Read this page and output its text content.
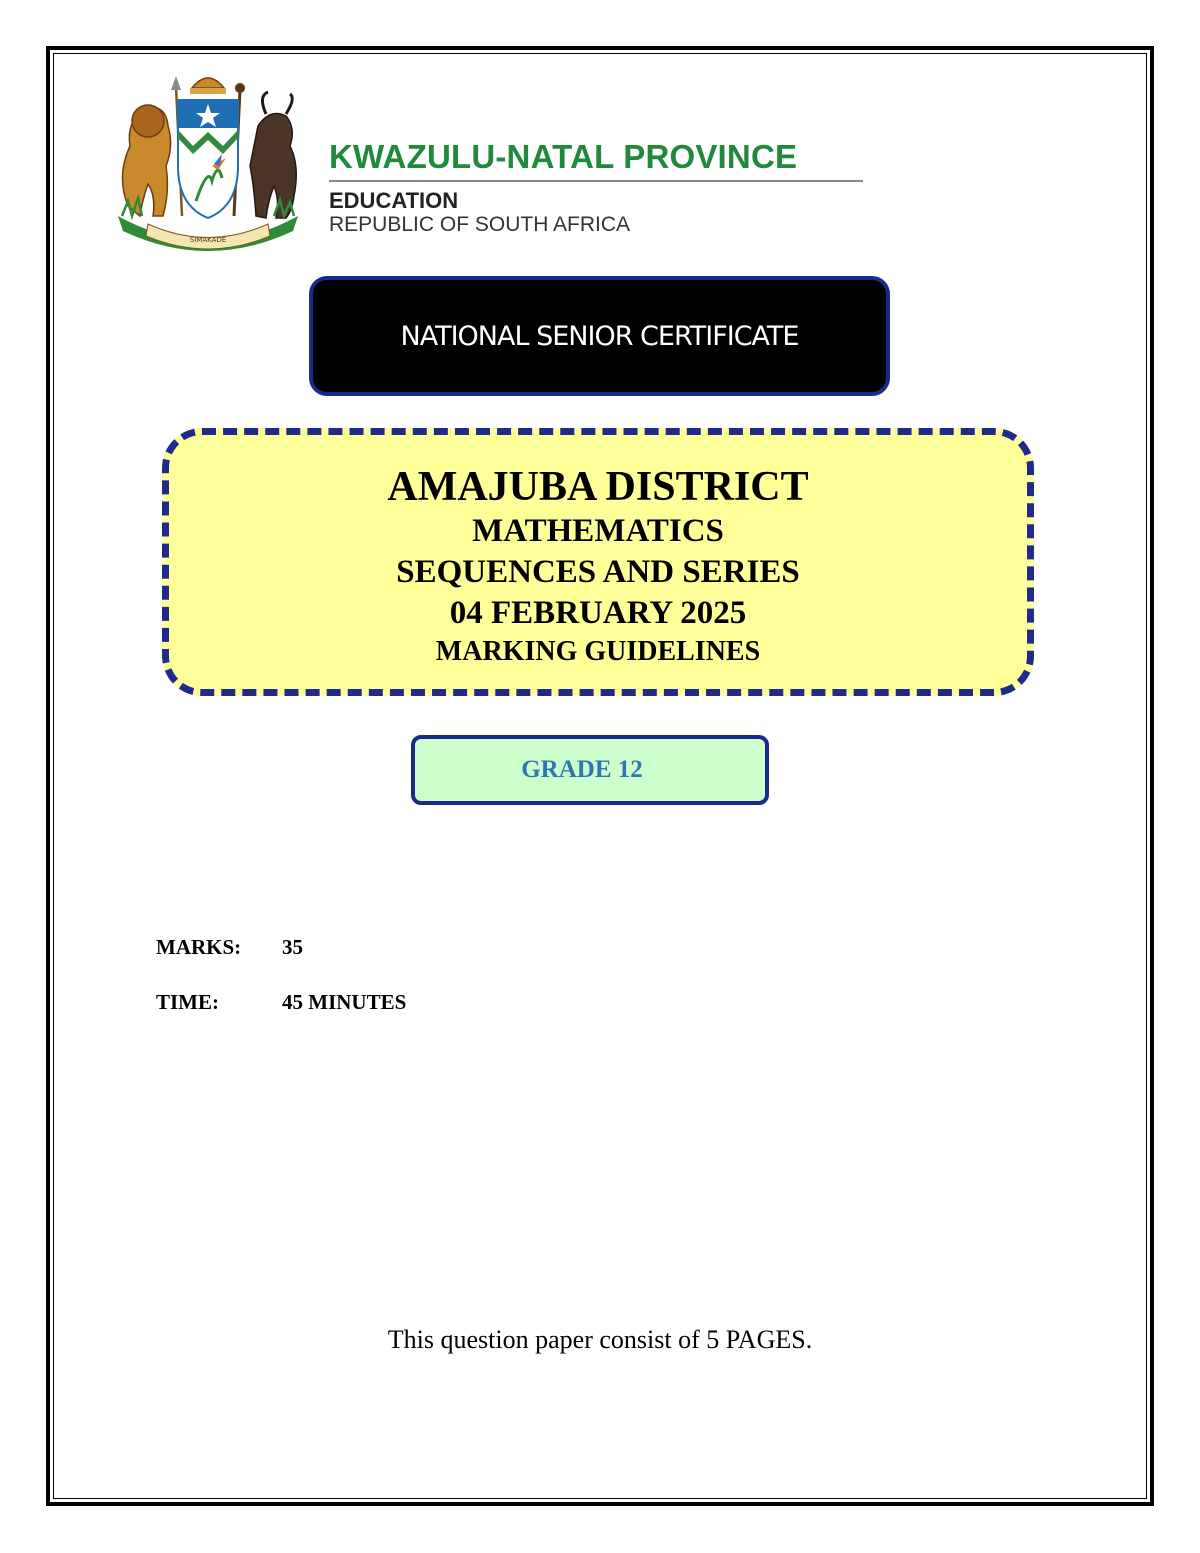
SIMAKADE
KWAZULU-NATAL PROVINCE
EDUCATION
REPUBLIC OF SOUTH AFRICA
NATIONAL SENIOR CERTIFICATE
AMAJUBA DISTRICT
MATHEMATICS
SEQUENCES AND SERIES
04 FEBRUARY 2025
MARKING GUIDELINES
GRADE 12
MARKS: 35
TIME:	45 MINUTES
This question paper consist of 5 PAGES.
